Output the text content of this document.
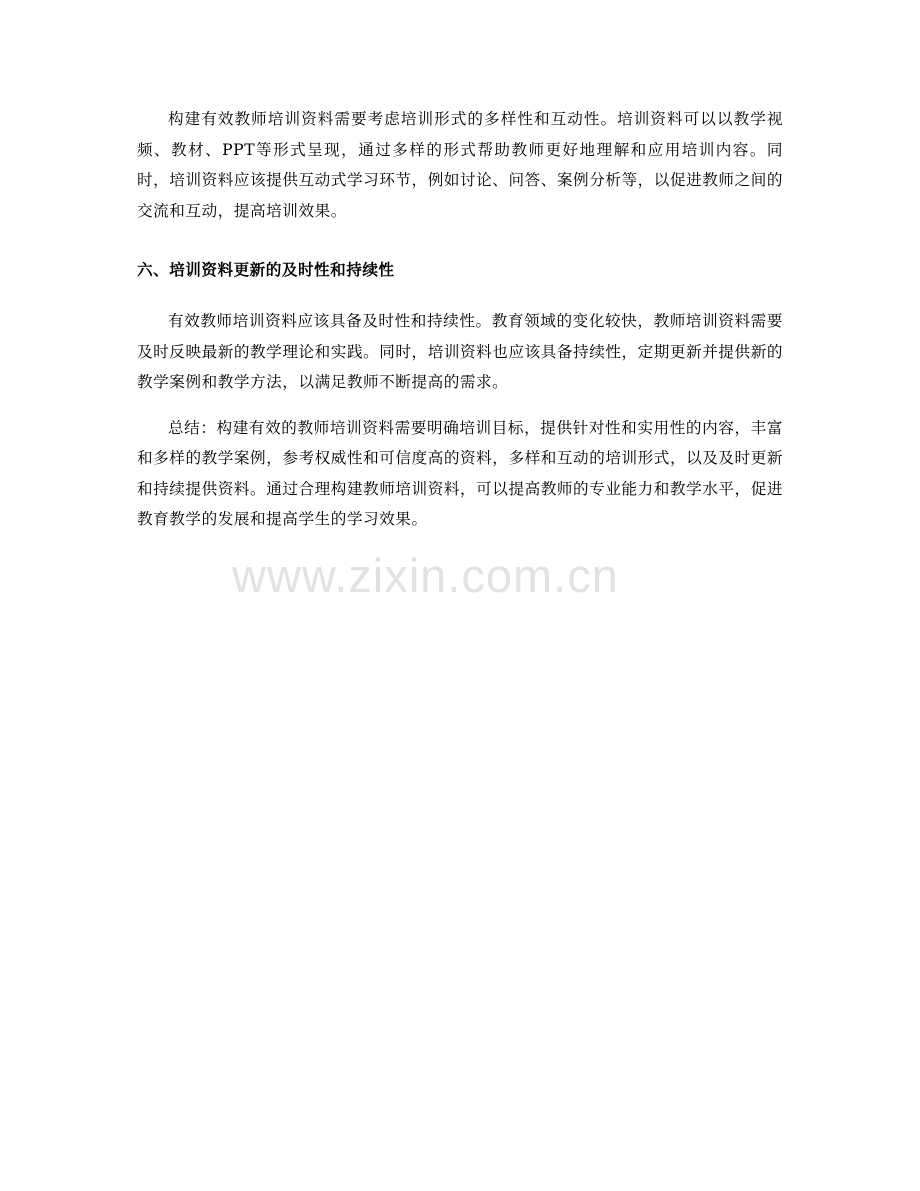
构建有效教师培训资料需要考虑培训形式的多样性和互动性。培训资料可以以教学视频、教材、PPT等形式呈现，通过多样的形式帮助教师更好地理解和应用培训内容。同时，培训资料应该提供互动式学习环节，例如讨论、问答、案例分析等，以促进教师之间的交流和互动，提高培训效果。

六、培训资料更新的及时性和持续性

有效教师培训资料应该具备及时性和持续性。教育领域的变化较快，教师培训资料需要及时反映最新的教学理论和实践。同时，培训资料也应该具备持续性，定期更新并提供新的教学案例和教学方法，以满足教师不断提高的需求。

总结：构建有效的教师培训资料需要明确培训目标，提供针对性和实用性的内容，丰富和多样的教学案例，参考权威性和可信度高的资料，多样和互动的培训形式，以及及时更新和持续提供资料。通过合理构建教师培训资料，可以提高教师的专业能力和教学水平，促进教育教学的发展和提高学生的学习效果。

www.zixin.com.cn
